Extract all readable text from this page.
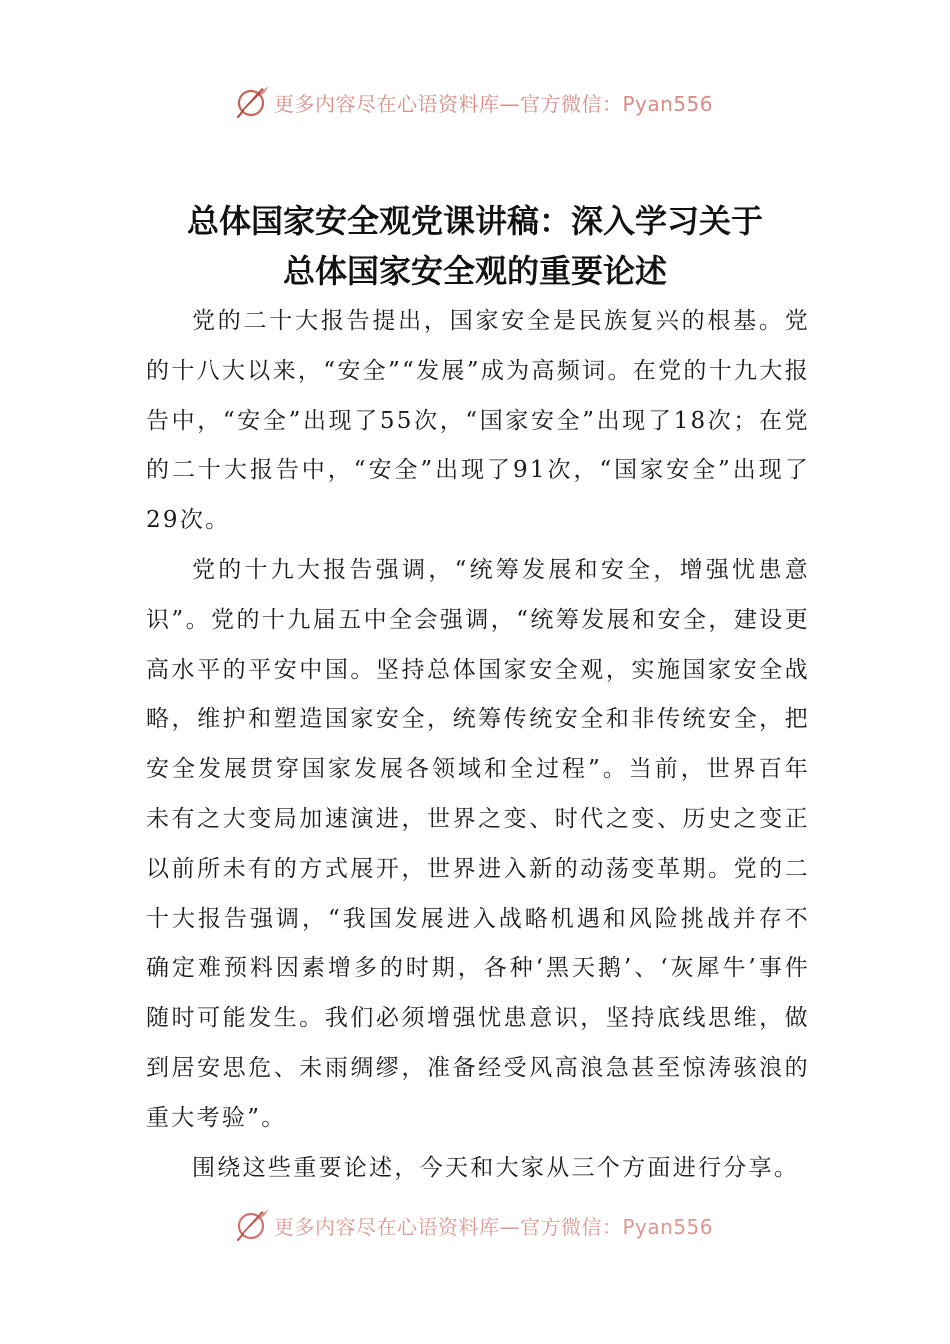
更多内容尽在心语资料库—官方微信：Pyan556
总体国家安全观党课讲稿：深入学习关于
总体国家安全观的重要论述

党的二十大报告提出，国家安全是民族复兴的根基。党的十八大以来，“安全”“发展”成为高频词。在党的十九大报告中，“安全”出现了55次，“国家安全”出现了18次；在党的二十大报告中，“安全”出现了91次，“国家安全”出现了29次。

党的十九大报告强调，“统筹发展和安全，增强忧患意识”。党的十九届五中全会强调，“统筹发展和安全，建设更高水平的平安中国。坚持总体国家安全观，实施国家安全战略，维护和塑造国家安全，统筹传统安全和非传统安全，把安全发展贯穿国家发展各领域和全过程”。当前，世界百年未有之大变局加速演进，世界之变、时代之变、历史之变正以前所未有的方式展开，世界进入新的动荡变革期。党的二十大报告强调，“我国发展进入战略机遇和风险挑战并存不确定难预料因素增多的时期，各种‘黑天鹅’、‘灰犀牛’事件随时可能发生。我们必须增强忧患意识，坚持底线思维，做到居安思危、未雨绸缪，准备经受风高浪急甚至惊涛骇浪的重大考验”。

围绕这些重要论述，今天和大家从三个方面进行分享。

更多内容尽在心语资料库—官方微信：Pyan556
